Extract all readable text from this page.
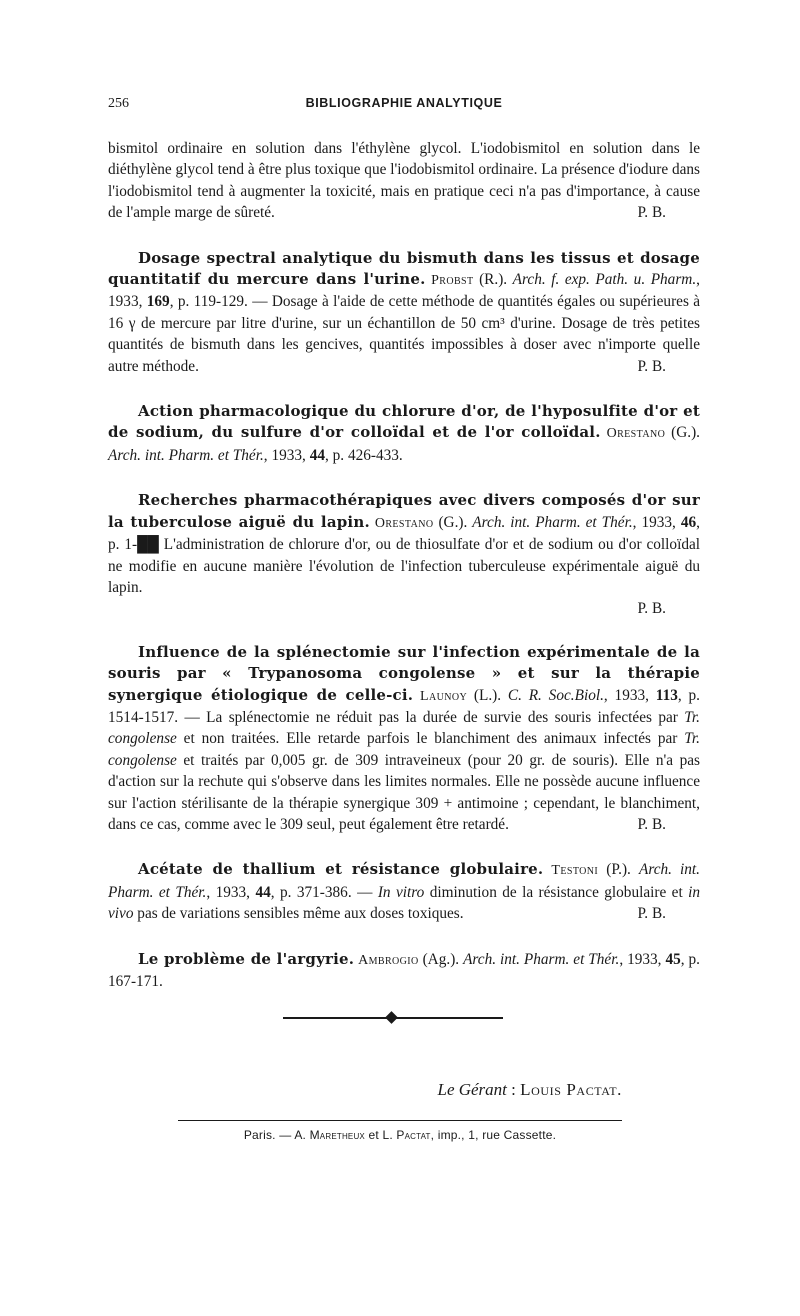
256	BIBLIOGRAPHIE ANALYTIQUE

bismitol ordinaire en solution dans l'éthylène glycol. L'iodobismitol en solution dans le diéthylène glycol tend à être plus toxique que l'iodobismitol ordinaire. La présence d'iodure dans l'iodobismitol tend à augmenter la toxicité, mais en pratique ceci n'a pas d'importance, à cause de l'ample marge de sûreté.	P. B.

Dosage spectral analytique du bismuth dans les tissus et dosage quantitatif du mercure dans l'urine. Probst (R.). Arch. f. exp. Path. u. Pharm., 1933, 169, p. 119-129. — Dosage à l'aide de cette méthode de quantités égales ou supérieures à 16 γ de mercure par litre d'urine, sur un échantillon de 50 cm³ d'urine. Dosage de très petites quantités de bismuth dans les gencives, quantités impossibles à doser avec n'importe quelle autre méthode.	P. B.

Action pharmacologique du chlorure d'or, de l'hyposulfite d'or et de sodium, du sulfure d'or colloïdal et de l'or colloïdal. Orestano (G.). Arch. int. Pharm. et Thér., 1933, 44, p. 426-433.

Recherches pharmacothérapiques avec divers composés d'or sur la tuberculose aiguë du lapin. Orestano (G.). Arch. int. Pharm. et Thér., 1933, 46, p. 1-██ L'administration de chlorure d'or, ou de thiosulfate d'or et de sodium ou d'or colloïdal ne modifie en aucune manière l'évolution de l'infection tuberculeuse expérimentale aiguë du lapin.
P. B.

Influence de la splénectomie sur l'infection expérimentale de la souris par « Trypanosoma congolense » et sur la thérapie synergique étiologique de celle-ci. Launoy (L.). C. R. Soc.Biol., 1933, 113, p. 1514-1517. — La splénectomie ne réduit pas la durée de survie des souris infectées par Tr. congolense et non traitées. Elle retarde parfois le blanchiment des animaux infectés par Tr. congolense et traités par 0,005 gr. de 309 intraveineux (pour 20 gr. de souris). Elle n'a pas d'action sur la rechute qui s'observe dans les limites normales. Elle ne possède aucune influence sur l'action stérilisante de la thérapie synergique 309 + antimoine ; cependant, le blanchiment, dans ce cas, comme avec le 309 seul, peut également être retardé.	P. B.

Acétate de thallium et résistance globulaire. Testoni (P.). Arch. int. Pharm. et Thér., 1933, 44, p. 371-386. — In vitro diminution de la résistance globulaire et in vivo pas de variations sensibles même aux doses toxiques.	P. B.

Le problème de l'argyrie. Ambrogio (Ag.). Arch. int. Pharm. et Thér., 1933, 45, p. 167-171.

Le Gérant : Louis Pactat.
Paris. — A. Maretheux et L. Pactat, imp., 1, rue Cassette.
